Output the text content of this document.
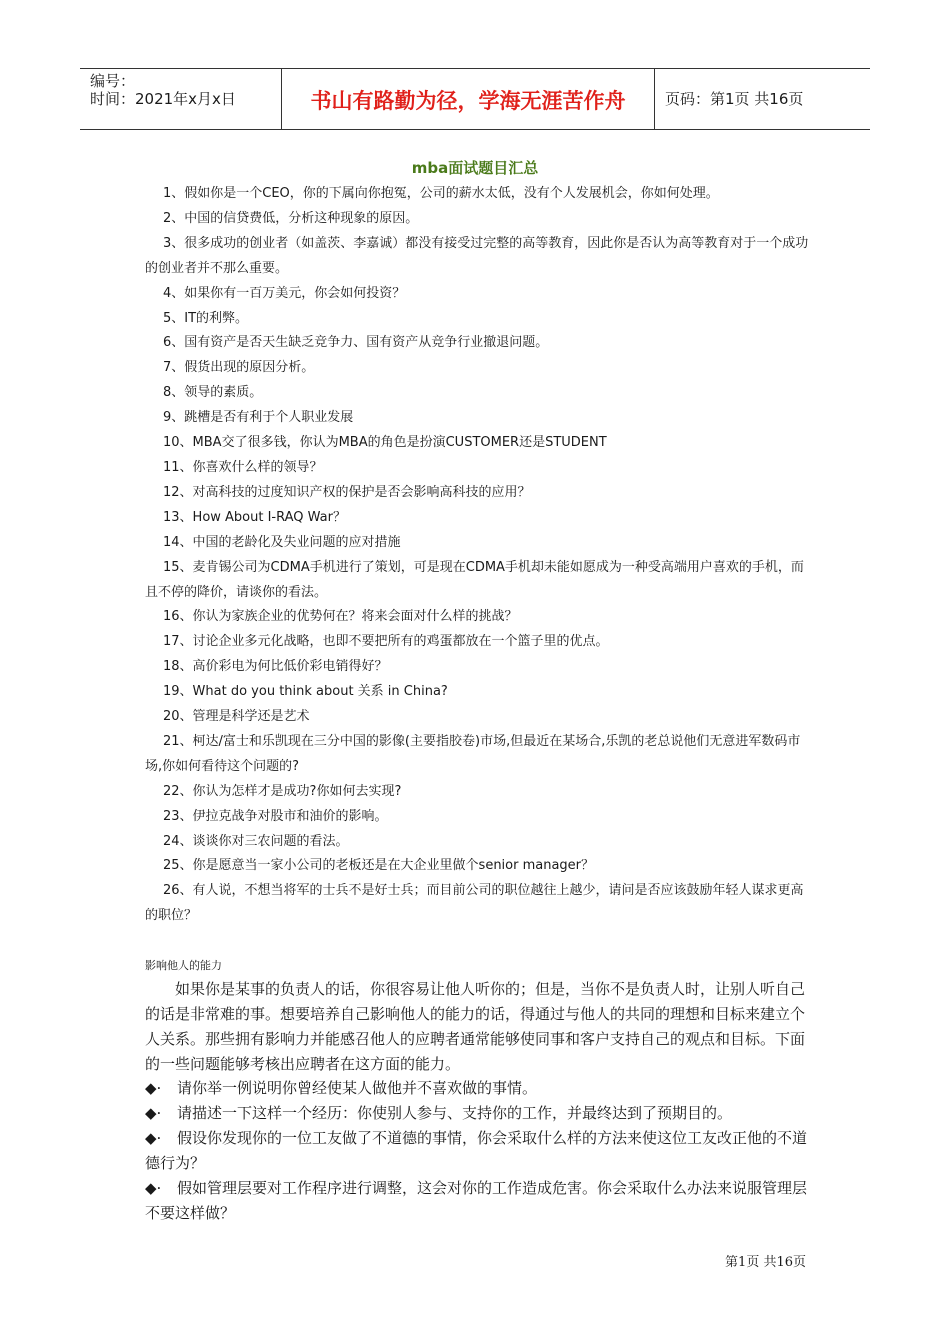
编号：
时间：2021年x月x日	书山有路勤为径，学海无涯苦作舟	页码：第1页 共16页
mba面试题目汇总
1、假如你是一个CEO，你的下属向你抱冤，公司的薪水太低，没有个人发展机会，你如何处理。
2、中国的信贷费低，分析这种现象的原因。
3、很多成功的创业者（如盖茨、李嘉诚）都没有接受过完整的高等教育，因此你是否认为高等教育对于一个成功的创业者并不那么重要。
4、如果你有一百万美元，你会如何投资？
5、IT的利弊。
6、国有资产是否天生缺乏竞争力、国有资产从竞争行业撤退问题。
7、假货出现的原因分析。
8、领导的素质。
9、跳槽是否有利于个人职业发展
10、MBA交了很多钱，你认为MBA的角色是扮演CUSTOMER还是STUDENT
11、你喜欢什么样的领导？
12、对高科技的过度知识产权的保护是否会影响高科技的应用？
13、How About I-RAQ War？
14、中国的老龄化及失业问题的应对措施
15、麦肯锡公司为CDMA手机进行了策划，可是现在CDMA手机却未能如愿成为一种受高端用户喜欢的手机，而且不停的降价，请谈你的看法。
16、你认为家族企业的优势何在？将来会面对什么样的挑战？
17、讨论企业多元化战略，也即不要把所有的鸡蛋都放在一个篮子里的优点。
18、高价彩电为何比低价彩电销得好？
19、What do you think about 关系 in China?
20、管理是科学还是艺术
21、柯达/富士和乐凯现在三分中国的影像(主要指胶卷)市场,但最近在某场合,乐凯的老总说他们无意进军数码市场,你如何看待这个问题的?
22、你认为怎样才是成功?你如何去实现?
23、伊拉克战争对股市和油价的影响。
24、谈谈你对三农问题的看法。
25、你是愿意当一家小公司的老板还是在大企业里做个senior manager？
26、有人说，不想当将军的士兵不是好士兵；而目前公司的职位越往上越少，请问是否应该鼓励年轻人谋求更高的职位？
影响他人的能力

如果你是某事的负责人的话，你很容易让他人听你的；但是，当你不是负责人时，让别人听自己的话是非常难的事。想要培养自己影响他人的能力的话，得通过与他人的共同的理想和目标来建立个人关系。那些拥有影响力并能感召他人的应聘者通常能够使同事和客户支持自己的观点和目标。下面的一些问题能够考核出应聘者在这方面的能力。

◆· 请你举一例说明你曾经使某人做他并不喜欢做的事情。
◆· 请描述一下这样一个经历：你使别人参与、支持你的工作，并最终达到了预期目的。
◆· 假设你发现你的一位工友做了不道德的事情，你会采取什么样的方法来使这位工友改正他的不道德行为？
◆· 假如管理层要对工作程序进行调整，这会对你的工作造成危害。你会采取什么办法来说服管理层不要这样做？
第1页 共16页
